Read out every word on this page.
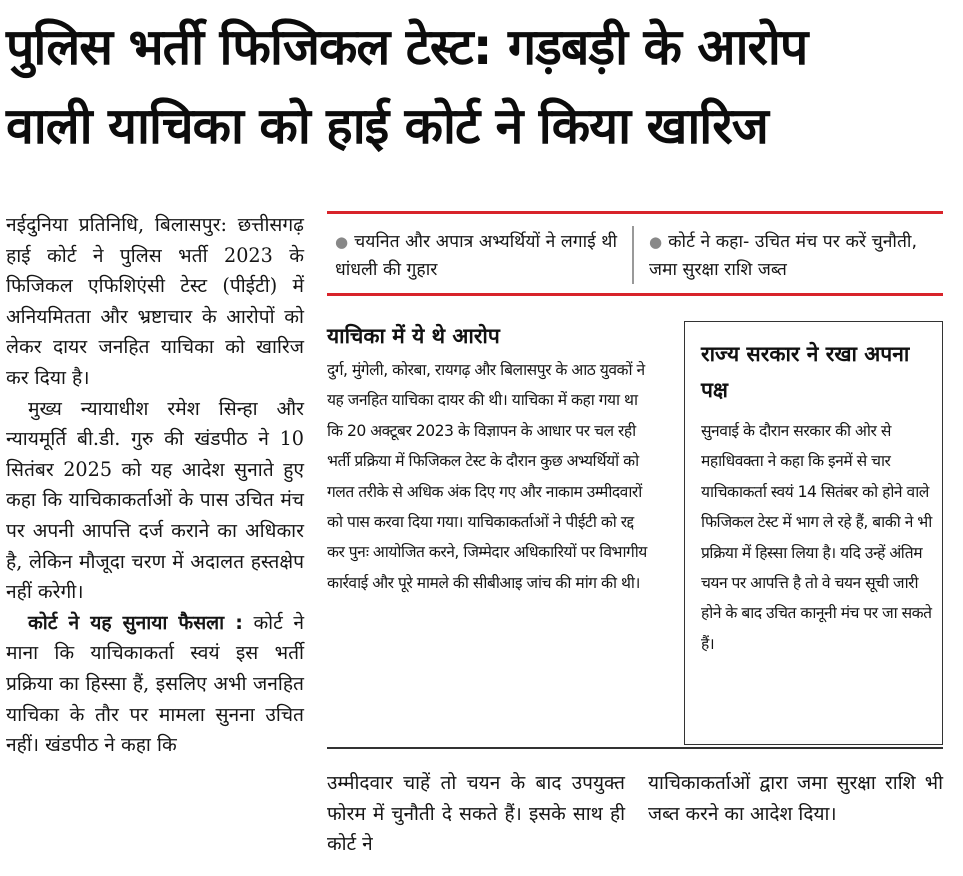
पुलिस भर्ती फिजिकल टेस्ट: गड़बड़ी के आरोप
वाली याचिका को हाई कोर्ट ने किया खारिज

नईदुनिया प्रतिनिधि, बिलासपुर: छत्तीसगढ़ हाई कोर्ट ने पुलिस भर्ती 2023 के फिजिकल एफिशिएंसी टेस्ट (पीईटी) में अनियमितता और भ्रष्टाचार के आरोपों को लेकर दायर जनहित याचिका को खारिज कर दिया है।

मुख्य न्यायाधीश रमेश सिन्हा और न्यायमूर्ति बी.डी. गुरु की खंडपीठ ने 10 सितंबर 2025 को यह आदेश सुनाते हुए कहा कि याचिकाकर्ताओं के पास उचित मंच पर अपनी आपत्ति दर्ज कराने का अधिकार है, लेकिन मौजूदा चरण में अदालत हस्तक्षेप नहीं करेगी।

कोर्ट ने यह सुनाया फैसला : कोर्ट ने माना कि याचिकाकर्ता स्वयं इस भर्ती प्रक्रिया का हिस्सा हैं, इसलिए अभी जनहित याचिका के तौर पर मामला सुनना उचित नहीं। खंडपीठ ने कहा कि

● चयनित और अपात्र अभ्यर्थियों ने लगाई थी धांधली की गुहार
● कोर्ट ने कहा- उचित मंच पर करें चुनौती, जमा सुरक्षा राशि जब्त
याचिका में ये थे आरोप
दुर्ग, मुंगेली, कोरबा, रायगढ़ और बिलासपुर के आठ युवकों ने यह जनहित याचिका दायर की थी। याचिका में कहा गया था कि 20 अक्टूबर 2023 के विज्ञापन के आधार पर चल रही भर्ती प्रक्रिया में फिजिकल टेस्ट के दौरान कुछ अभ्यर्थियों को गलत तरीके से अधिक अंक दिए गए और नाकाम उम्मीदवारों को पास करवा दिया गया। याचिकाकर्ताओं ने पीईटी को रद्द कर पुनः आयोजित करने, जिम्मेदार अधिकारियों पर विभागीय कार्रवाई और पूरे मामले की सीबीआइ जांच की मांग की थी।
राज्य सरकार ने रखा अपना पक्ष
सुनवाई के दौरान सरकार की ओर से महाधिवक्ता ने कहा कि इनमें से चार याचिकाकर्ता स्वयं 14 सितंबर को होने वाले फिजिकल टेस्ट में भाग ले रहे हैं, बाकी ने भी प्रक्रिया में हिस्सा लिया है। यदि उन्हें अंतिम चयन पर आपत्ति है तो वे चयन सूची जारी होने के बाद उचित कानूनी मंच पर जा सकते हैं।
उम्मीदवार चाहें तो चयन के बाद उपयुक्त फोरम में चुनौती दे सकते हैं। इसके साथ ही कोर्ट ने
याचिकाकर्ताओं द्वारा जमा सुरक्षा राशि भी जब्त करने का आदेश दिया।
